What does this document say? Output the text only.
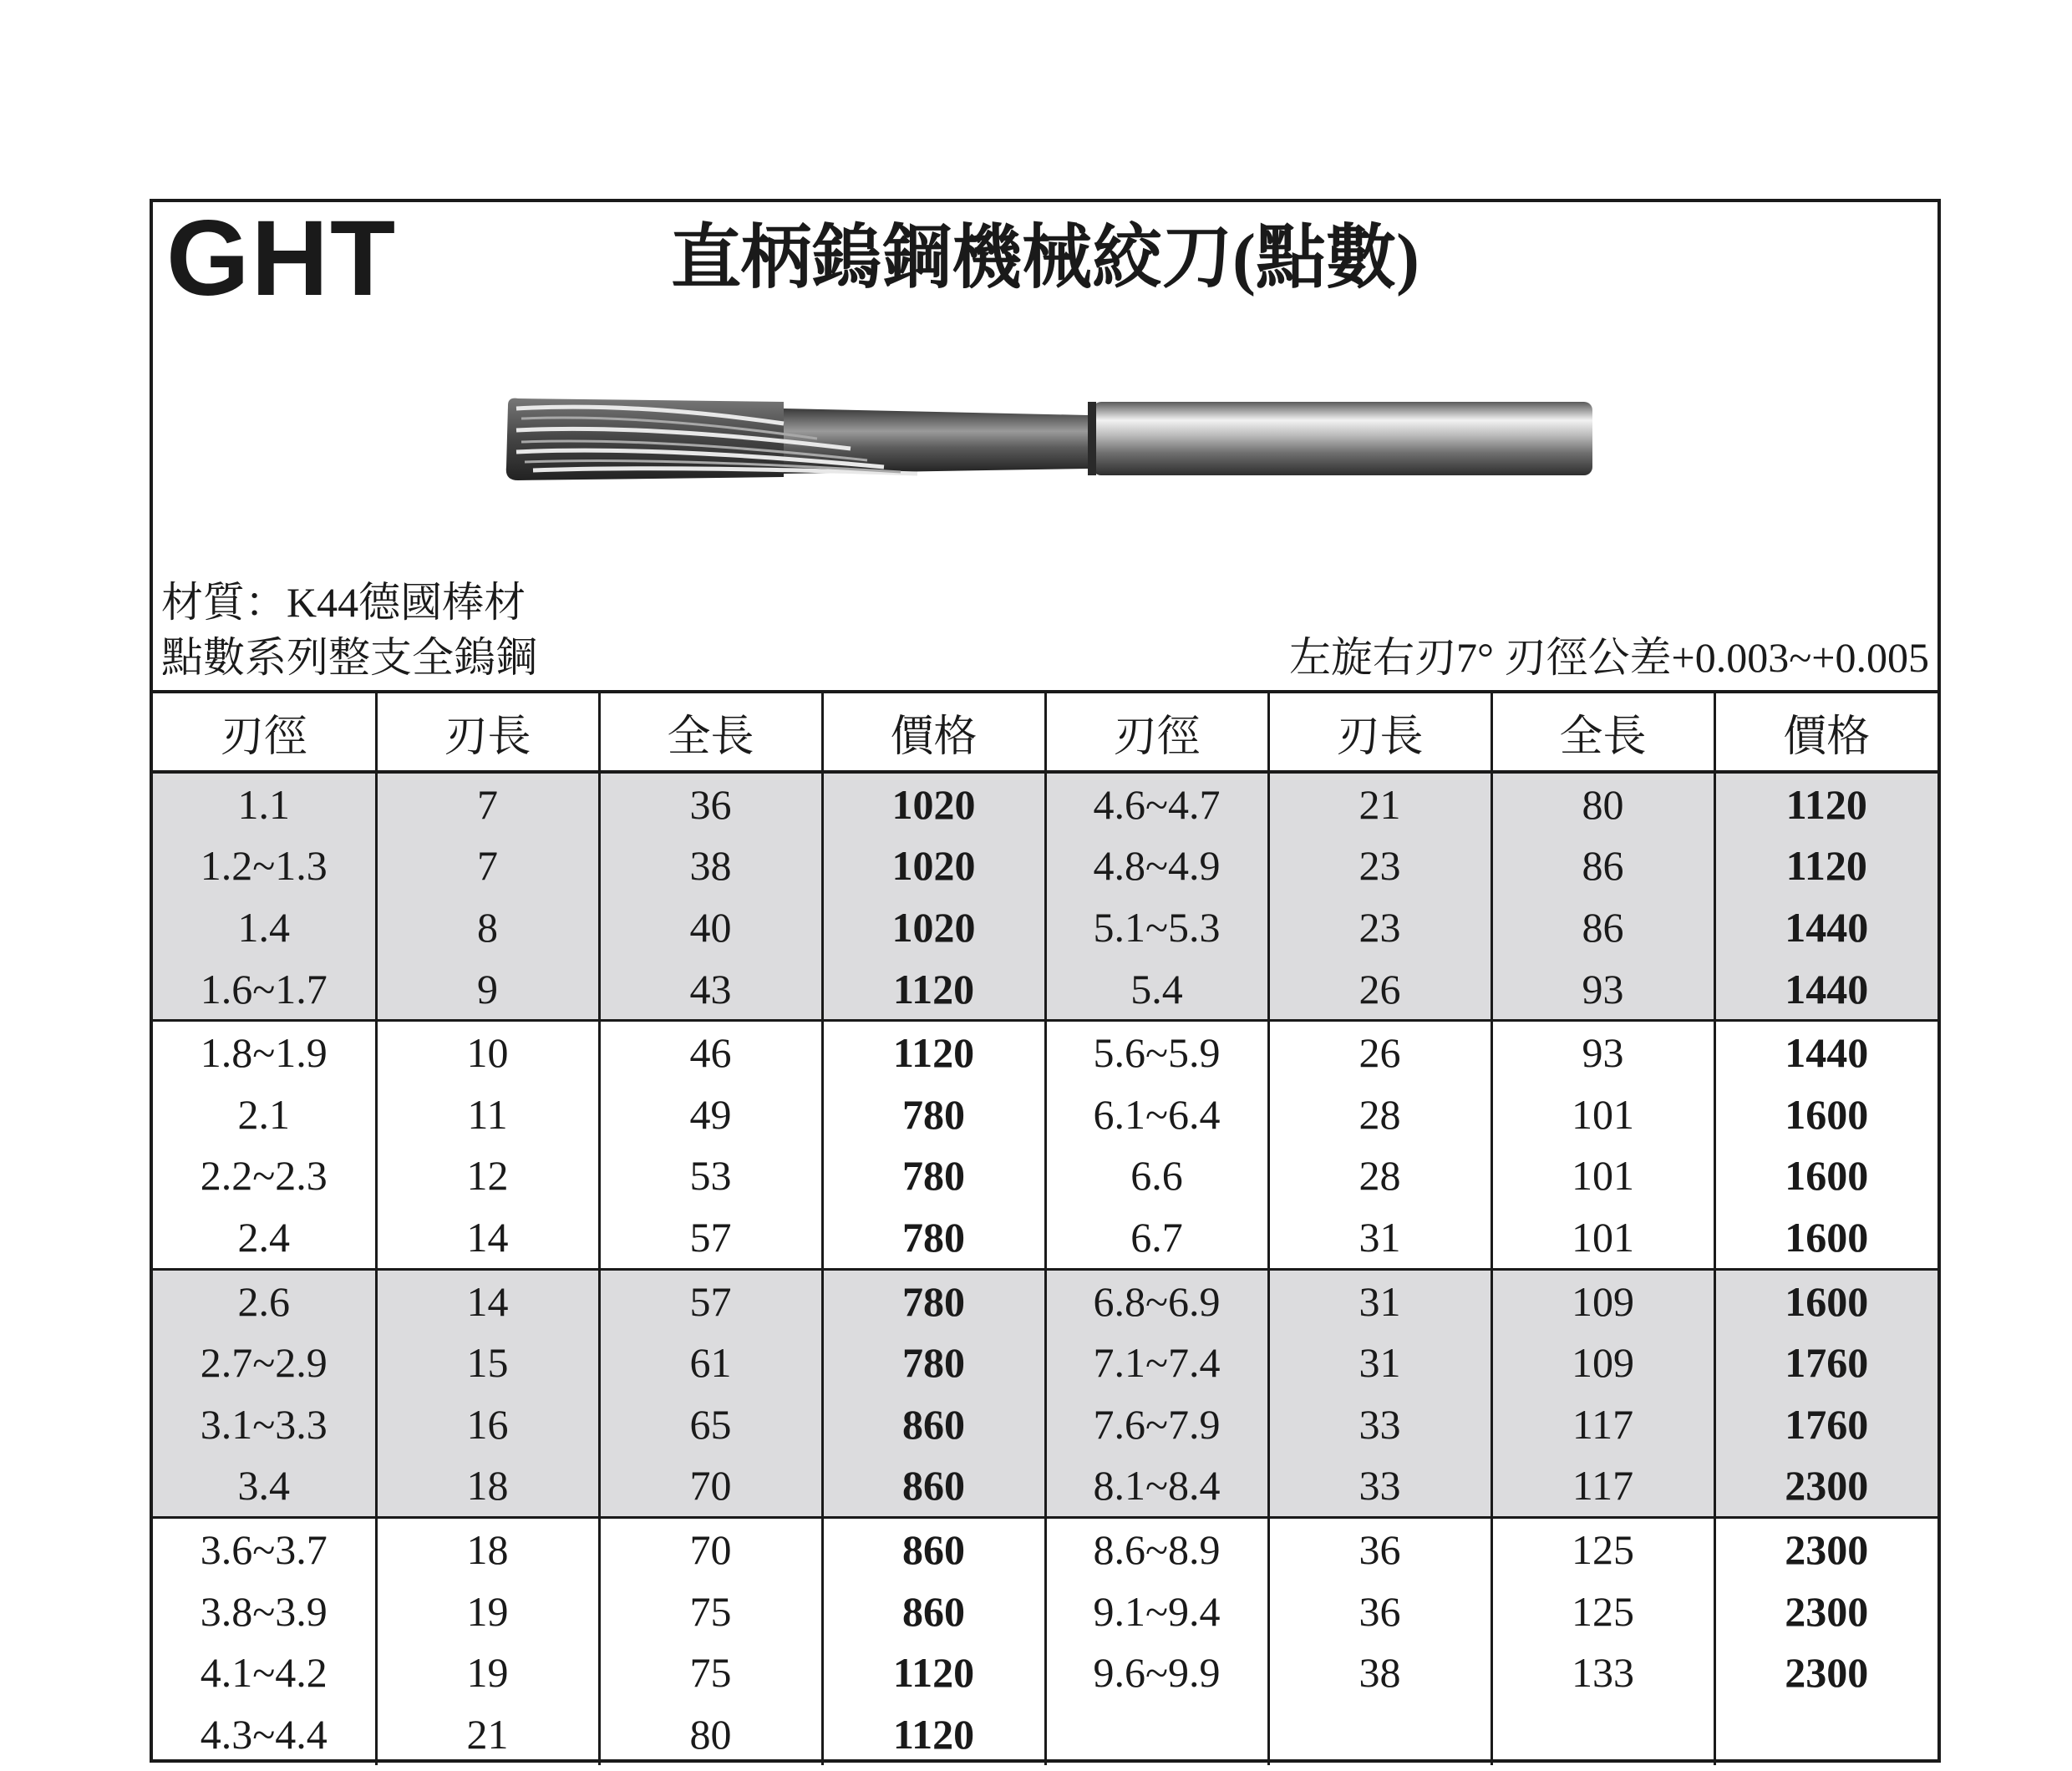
GHT	直柄鎢鋼機械絞刀(點數)
材質：K44德國棒材
點數系列整支全鎢鋼	左旋右刃7° 刃徑公差+0.003~+0.005
刃徑	刃長	全長	價格	刃徑	刃長	全長	價格
1.1	7	36	1020	4.6~4.7	21	80	1120
1.2~1.3	7	38	1020	4.8~4.9	23	86	1120
1.4	8	40	1020	5.1~5.3	23	86	1440
1.6~1.7	9	43	1120	5.4	26	93	1440
1.8~1.9	10	46	1120	5.6~5.9	26	93	1440
2.1	11	49	780	6.1~6.4	28	101	1600
2.2~2.3	12	53	780	6.6	28	101	1600
2.4	14	57	780	6.7	31	101	1600
2.6	14	57	780	6.8~6.9	31	109	1600
2.7~2.9	15	61	780	7.1~7.4	31	109	1760
3.1~3.3	16	65	860	7.6~7.9	33	117	1760
3.4	18	70	860	8.1~8.4	33	117	2300
3.6~3.7	18	70	860	8.6~8.9	36	125	2300
3.8~3.9	19	75	860	9.1~9.4	36	125	2300
4.1~4.2	19	75	1120	9.6~9.9	38	133	2300
4.3~4.4	21	80	1120				
